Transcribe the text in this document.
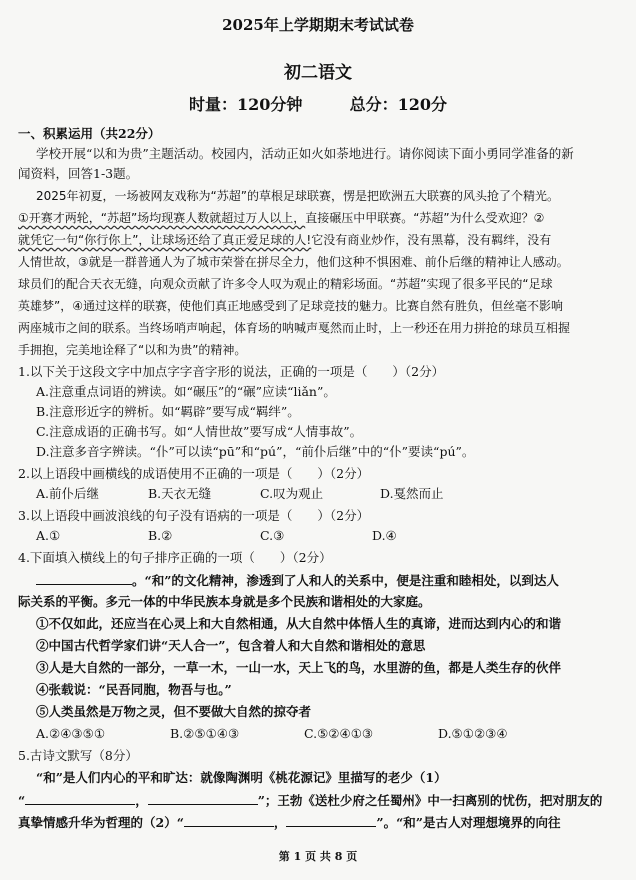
2025年上学期期末考试试卷
初二语文
时量：120分钟	总分：120分
一、积累运用（共22分）
学校开展“以和为贵”主题活动。校园内，活动正如火如荼地进行。请你阅读下面小勇同学准备的新
闻资料，回答1-3题。
2025年初夏，一场被网友戏称为“苏超”的草根足球联赛，愣是把欧洲五大联赛的风头抢了个精光。
①开赛才两轮，“苏超”场均现赛人数就超过万人以上，直接碾压中甲联赛。“苏超”为什么受欢迎？②
就凭它一句“你行你上”，让球场还给了真正爱足球的人!它没有商业炒作，没有黑幕，没有羁绊，没有
人情世故，③就是一群普通人为了城市荣誉在拼尽全力，他们这种不惧困难、前仆后继的精神让人感动。
球员们的配合天衣无缝，向观众贡献了许多令人叹为观止的精彩场面。“苏超”实现了很多平民的“足球
英雄梦”，④通过这样的联赛，使他们真正地感受到了足球竞技的魅力。比赛自然有胜负，但丝毫不影响
两座城市之间的联系。当终场哨声响起，体育场的呐喊声戛然而止时，上一秒还在用力拼抢的球员互相握
手拥抱，完美地诠释了“以和为贵”的精神。
1.以下关于这段文字中加点字字音字形的说法，正确的一项是（　　）（2分）
A.注意重点词语的辨读。如“碾压”的“碾”应读“liǎn”。
B.注意形近字的辨析。如“羁辟”要写成“羁绊”。
C.注意成语的正确书写。如“人情世故”要写成“人情事故”。
D.注意多音字辨读。“仆”可以读“pū”和“pú”，“前仆后继”中的“仆”要读“pú”。
2.以上语段中画横线的成语使用不正确的一项是（　　）（2分）
A.前仆后继	B.天衣无缝	C.叹为观止	D.戛然而止
3.以上语段中画波浪线的句子没有语病的一项是（　　）（2分）
A.①	B.②	C.③	D.④
4.下面填入横线上的句子排序正确的一项（　　）（2分）
。“和”的文化精神，渗透到了人和人的关系中，便是注重和睦相处，以到达人
际关系的平衡。多元一体的中华民族本身就是多个民族和谐相处的大家庭。
①不仅如此，还应当在心灵上和大自然相通，从大自然中体悟人生的真谛，进而达到内心的和谐
②中国古代哲学家们讲“天人合一”，包含着人和大自然和谐相处的意思
③人是大自然的一部分，一草一木，一山一水，天上飞的鸟，水里游的鱼，都是人类生存的伙伴
④张载说：“民吾同胞，物吾与也。”
⑤人类虽然是万物之灵，但不要做大自然的掠夺者
A.②④③⑤①	B.②⑤①④③	C.⑤②④①③	D.⑤①②③④
5.古诗文默写（8分）
“和”是人们内心的平和旷达：就像陶渊明《桃花源记》里描写的老少（1）
“	，	”；王勃《送杜少府之任蜀州》中一扫离别的忧伤，把对朋友的
真挚情感升华为哲理的（2）“	，	”。“和”是古人对理想境界的向往
第 1 页 共 8 页
